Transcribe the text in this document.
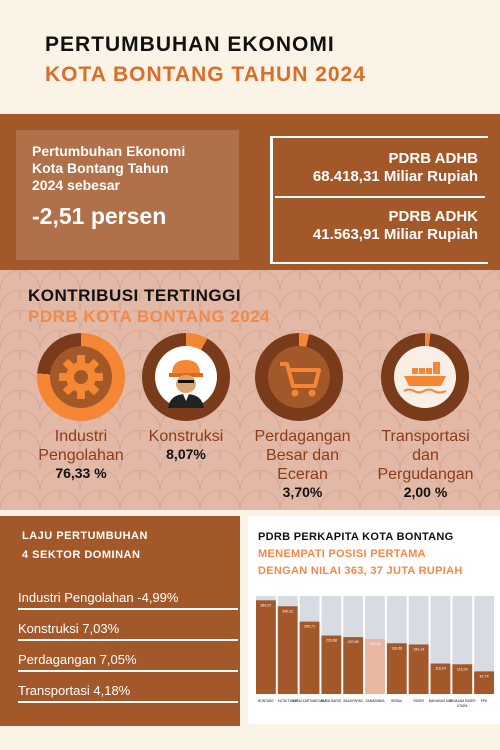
PERTUMBUHAN EKONOMI
KOTA BONTANG TAHUN 2024
Pertumbuhan Ekonomi
Kota Bontang Tahun
2024 sebesar
-2,51 persen
PDRB ADHB
68.418,31 Miliar Rupiah
PDRB ADHK
41.563,91 Miliar Rupiah
KONTRIBUSI TERTINGGI
PDRB KOTA BONTANG 2024
Industri
Pengolahan
76,33 %
Konstruksi
8,07%
Perdagangan
Besar dan
Eceran
3,70%
Transportasi
dan
Pergudangan
2,00 %
LAJU PERTUMBUHAN
4 SEKTOR DOMINAN
Industri Pengolahan -4,99%
Konstruksi 7,03%
Perdagangan 7,05%
Transportasi 4,18%
PDRB PERKAPITA KOTA BONTANG
MENEMPATI POSISI PERTAMA
DENGAN NILAI 363, 37 JUTA RUPIAH
363,37
BONTANG
340,22
KUTAI TIMUR
280,71
KUTAI KARTANEGARA
226,68
KUTAI BARAT
220,56
BALIKPAPAN
213,12
SAMARINDA
196,66
BERAU
192,14
PASER
118,24
MAHAKAM ULU
115,29
PENAJAM PASER
UTARA
87,74
PPU
